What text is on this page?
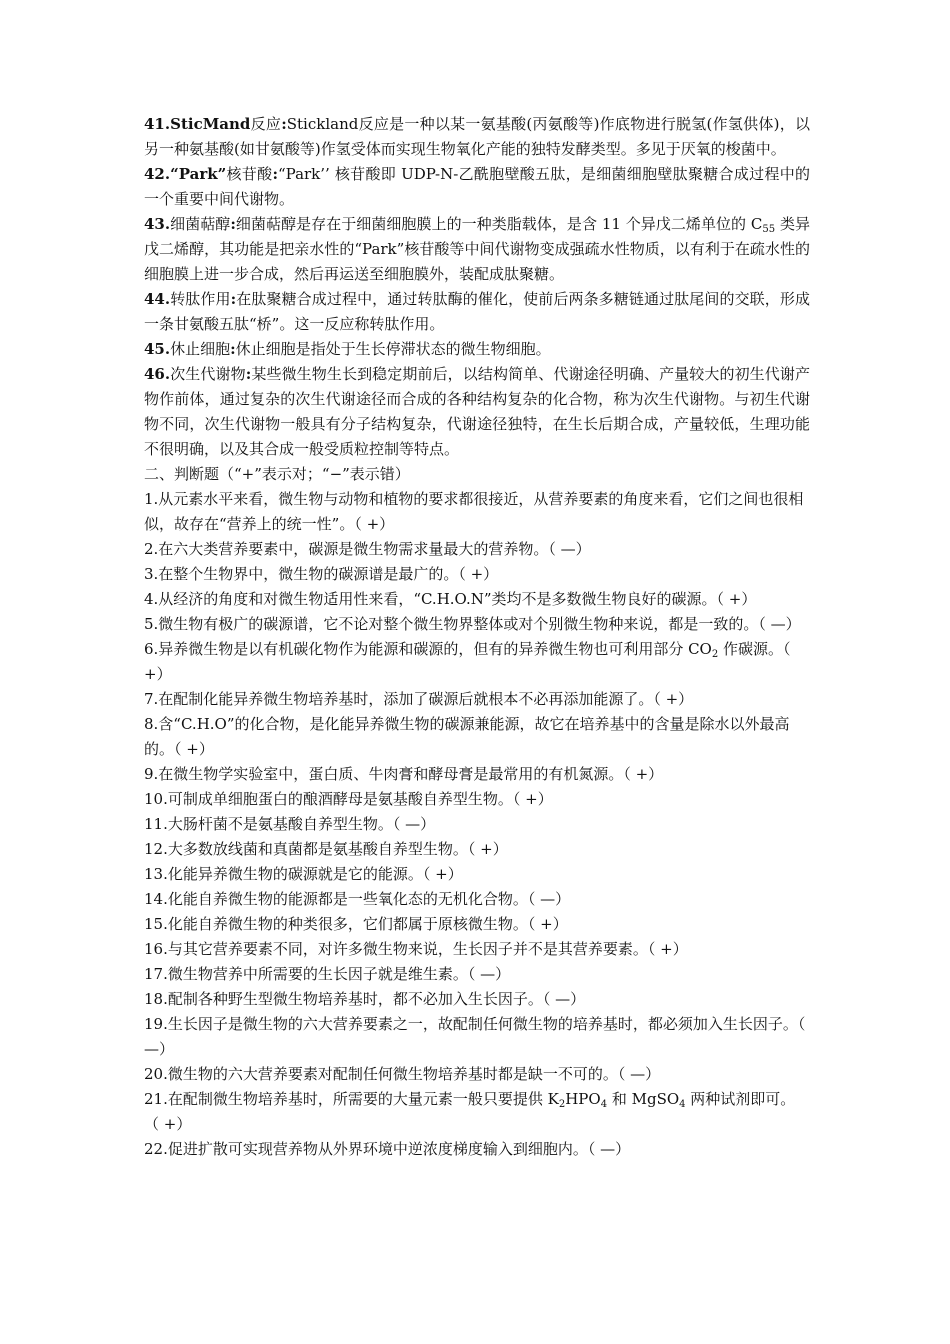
41.SticMand反应:Stickland反应是一种以某一氨基酸(丙氨酸等)作底物进行脱氢(作氢供体)，以另一种氨基酸(如甘氨酸等)作氢受体而实现生物氧化产能的独特发酵类型。多见于厌氧的梭菌中。

42.“Park”核苷酸:“Park’’ 核苷酸即 UDP-N-乙酰胞壁酸五肽，是细菌细胞壁肽聚糖合成过程中的一个重要中间代谢物。

43.细菌萜醇:细菌萜醇是存在于细菌细胞膜上的一种类脂载体，是含 11 个异戊二烯单位的 $C_{55}$ 类异戊二烯醇，其功能是把亲水性的“Park”核苷酸等中间代谢物变成强疏水性物质，以有利于在疏水性的细胞膜上进一步合成，然后再运送至细胞膜外，装配成肽聚糖。

44.转肽作用:在肽聚糖合成过程中，通过转肽酶的催化，使前后两条多糖链通过肽尾间的交联，形成一条甘氨酸五肽“桥”。这一反应称转肽作用。

45.休止细胞:休止细胞是指处于生长停滞状态的微生物细胞。

46.次生代谢物:某些微生物生长到稳定期前后，以结构简单、代谢途径明确、产量较大的初生代谢产物作前体，通过复杂的次生代谢途径而合成的各种结构复杂的化合物，称为次生代谢物。与初生代谢物不同，次生代谢物一般具有分子结构复杂，代谢途径独特，在生长后期合成，产量较低，生理功能不很明确，以及其合成一般受质粒控制等特点。

二、判断题（“+”表示对；“−”表示错）

1.从元素水平来看，微生物与动物和植物的要求都很接近，从营养要素的角度来看，它们之间也很相似，故存在“营养上的统一性”。（ +）

2.在六大类营养要素中，碳源是微生物需求量最大的营养物。（ —）

3.在整个生物界中，微生物的碳源谱是最广的。（ +）

4.从经济的角度和对微生物适用性来看，“C.H.O.N”类均不是多数微生物良好的碳源。（ +）

5.微生物有极广的碳源谱，它不论对整个微生物界整体或对个别微生物种来说，都是一致的。（ —）

6.异养微生物是以有机碳化物作为能源和碳源的，但有的异养微生物也可利用部分 $CO_2$ 作碳源。（ +）

7.在配制化能异养微生物培养基时，添加了碳源后就根本不必再添加能源了。（ +）

8.含“C.H.O”的化合物，是化能异养微生物的碳源兼能源，故它在培养基中的含量是除水以外最高的。（ +）

9.在微生物学实验室中，蛋白质、牛肉膏和酵母膏是最常用的有机氮源。（ +）

10.可制成单细胞蛋白的酿酒酵母是氨基酸自养型生物。（ +）

11.大肠杆菌不是氨基酸自养型生物。（ —）

12.大多数放线菌和真菌都是氨基酸自养型生物。（ +）

13.化能异养微生物的碳源就是它的能源。（ +）

14.化能自养微生物的能源都是一些氧化态的无机化合物。（ —）

15.化能自养微生物的种类很多，它们都属于原核微生物。（ +）

16.与其它营养要素不同，对许多微生物来说，生长因子并不是其营养要素。（ +）

17.微生物营养中所需要的生长因子就是维生素。（ —）

18.配制各种野生型微生物培养基时，都不必加入生长因子。（ —）

19.生长因子是微生物的六大营养要素之一，故配制任何微生物的培养基时，都必须加入生长因子。（ —）

20.微生物的六大营养要素对配制任何微生物培养基时都是缺一不可的。（ —）

21.在配制微生物培养基时，所需要的大量元素一般只要提供 $K_2HPO_4$ 和 MgSO$_4$ 两种试剂即可。　（ +）

22.促进扩散可实现营养物从外界环境中逆浓度梯度输入到细胞内。（ —）
